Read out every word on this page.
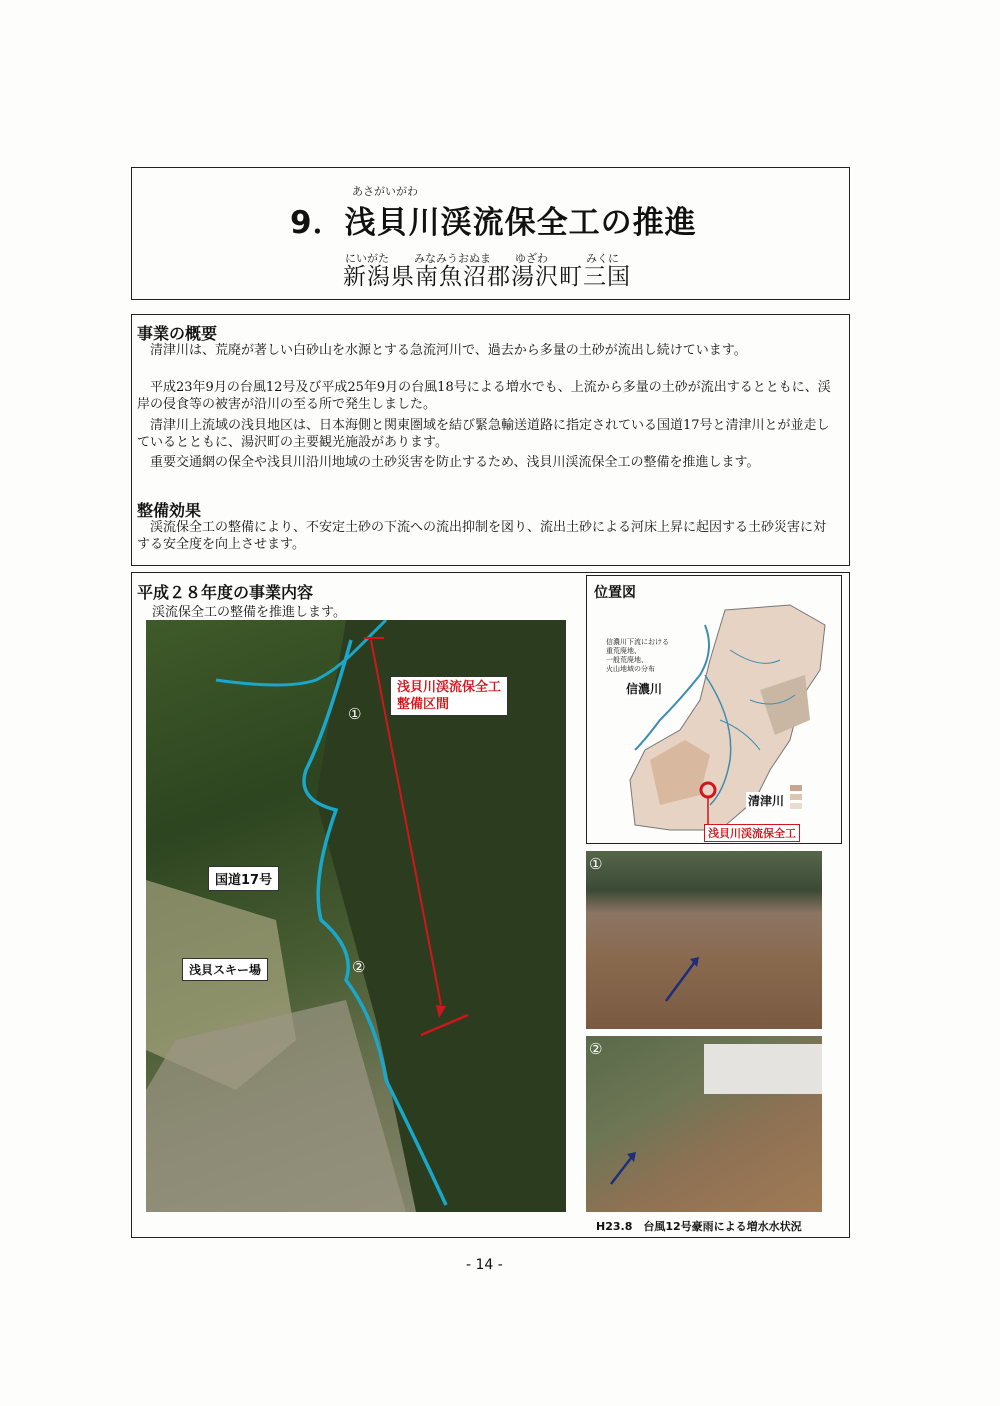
あさがいがわ
9．浅貝川渓流保全工の推進
にいがた みなみうおぬま ゆざわ	みくに
新潟県南魚沼郡湯沢町三国
事業の概要
清津川は、荒廃が著しい白砂山を水源とする急流河川で、過去から多量の土砂が流出し続けています。
平成23年9月の台風12号及び平成25年9月の台風18号による増水でも、上流から多量の土砂が流出するとともに、渓岸の侵食等の被害が沿川の至る所で発生しました。
清津川上流域の浅貝地区は、日本海側と関東圏域を結び緊急輸送道路に指定されている国道17号と清津川とが並走しているとともに、湯沢町の主要観光施設があります。
重要交通網の保全や浅貝川沿川地域の土砂災害を防止するため、浅貝川渓流保全工の整備を推進します。
整備効果
渓流保全工の整備により、不安定土砂の下流への流出抑制を図り、流出土砂による河床上昇に起因する土砂災害に対する安全度を向上させます。
平成２８年度の事業内容
渓流保全工の整備を推進します。
①
②
浅貝川渓流保全工
整備区間
国道17号
浅貝スキー場
位置図
信濃川下流における
重荒廃地、
一般荒廃地、
火山地域の分布
信濃川
清津川
浅貝川渓流保全工
①
②
H23.8　台風12号豪雨による増水水状況
- 14 -
